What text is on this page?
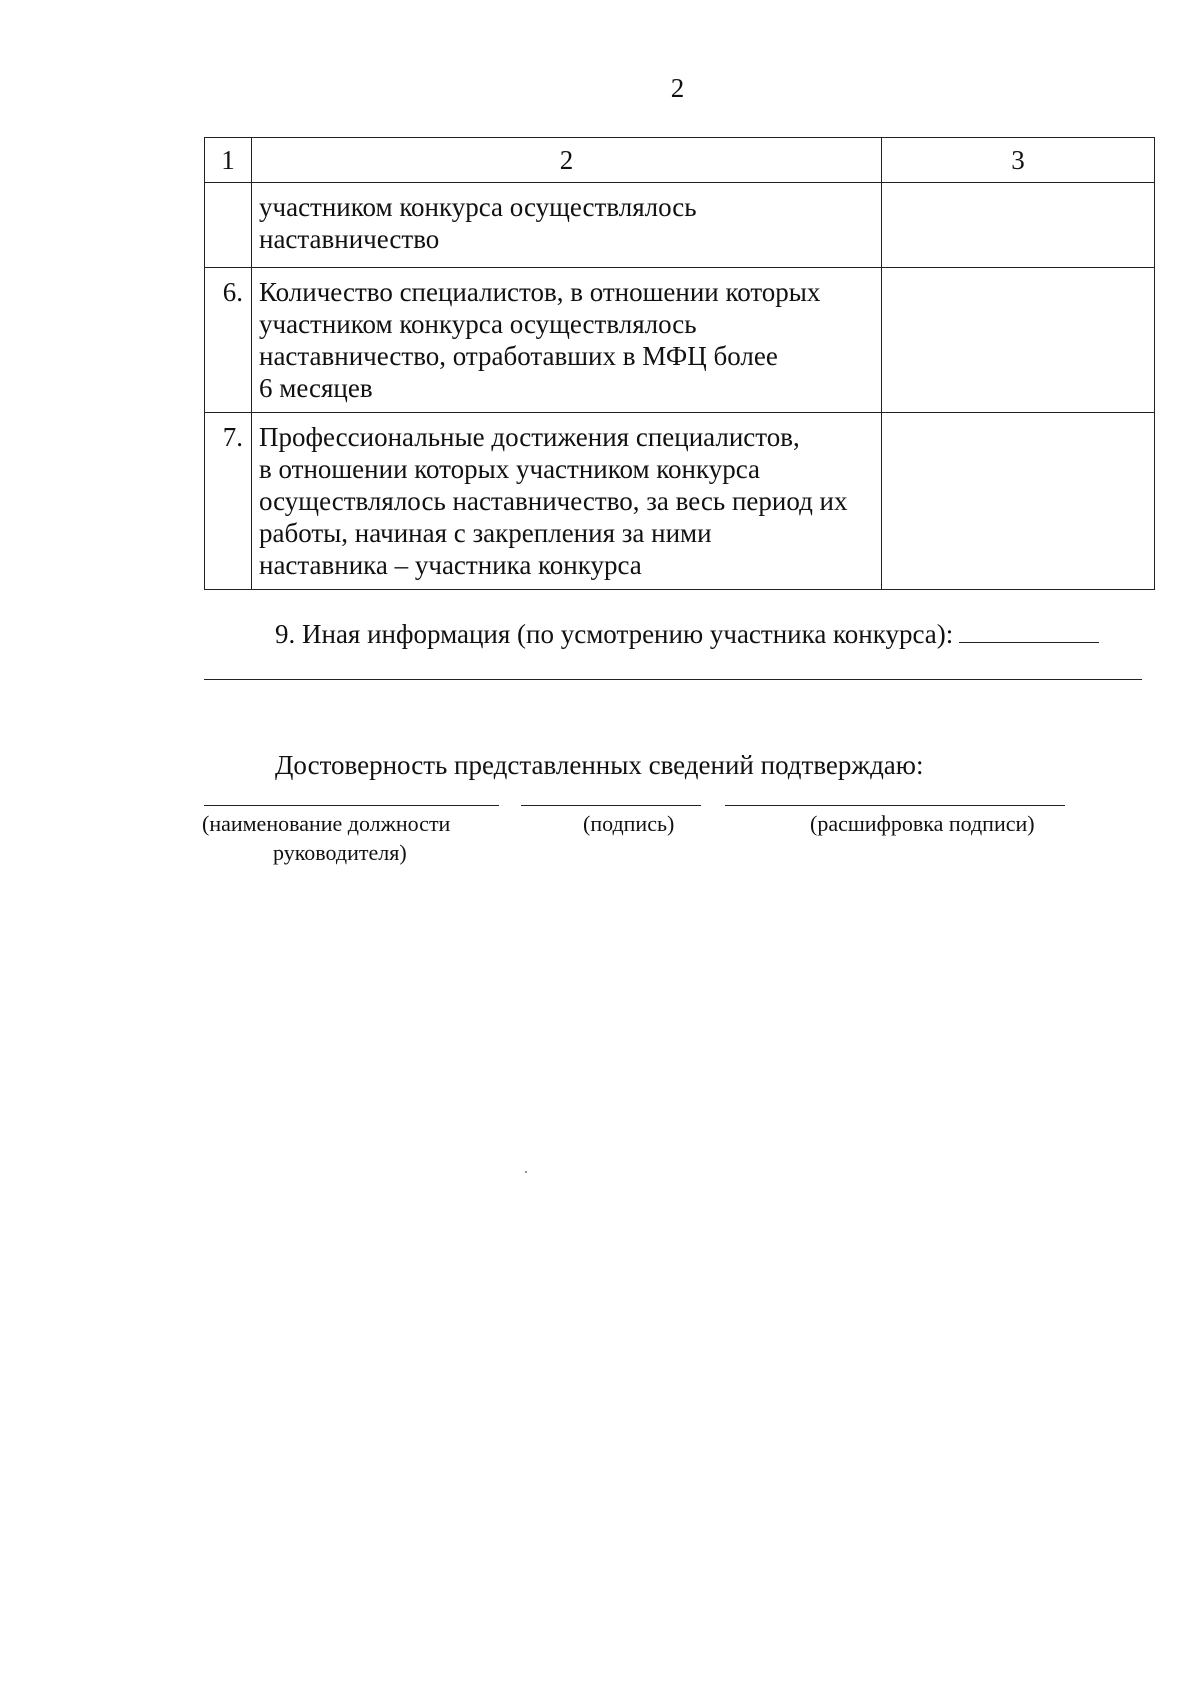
2
1	2	3

	участником конкурса осуществлялось
наставничество	

6.	Количество специалистов, в отношении которых
участником конкурса осуществлялось
наставничество, отработавших в МФЦ более
6 месяцев	

7.	Профессиональные достижения специалистов,
в отношении которых участником конкурса
осуществлялось наставничество, за весь период их
работы, начиная с закрепления за ними
наставника – участника конкурса	

9. Иная информация (по усмотрению участника конкурса):
Достоверность представленных сведений подтверждаю:
(наименование должности
руководителя)
(подпись)	(расшифровка подписи)
